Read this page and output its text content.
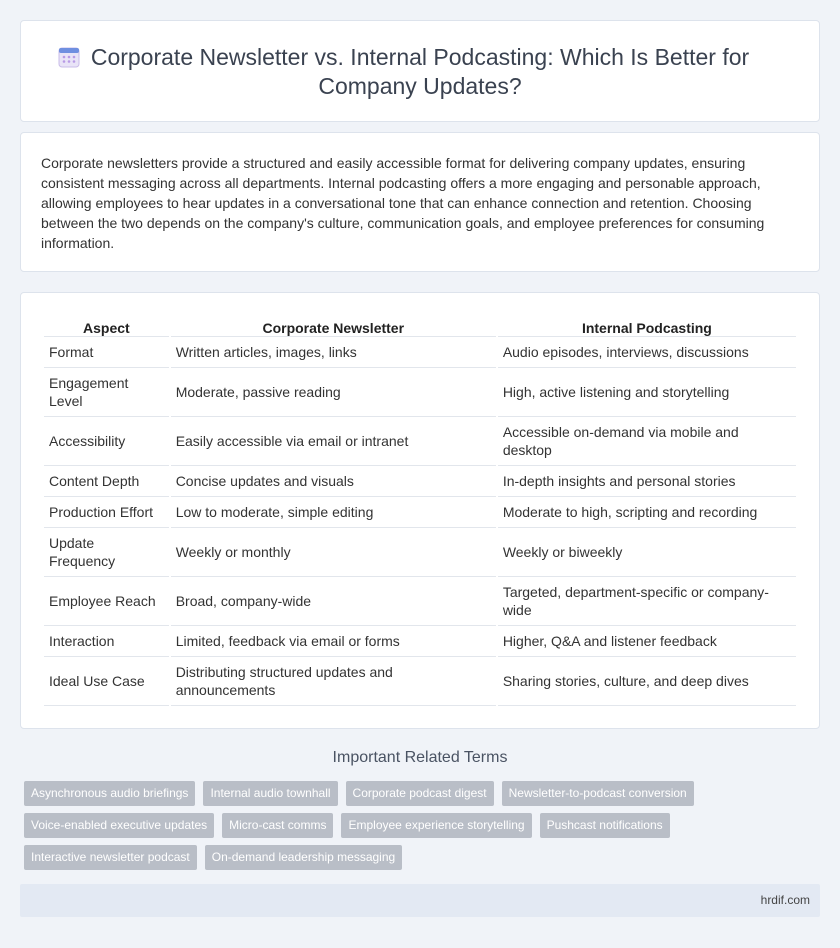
Corporate Newsletter vs. Internal Podcasting: Which Is Better for
Company Updates?

Corporate newsletters provide a structured and easily accessible format for delivering company updates, ensuring consistent messaging across all departments. Internal podcasting offers a more engaging and personable approach, allowing employees to hear updates in a conversational tone that can enhance connection and retention. Choosing between the two depends on the company's culture, communication goals, and employee preferences for consuming information.

Aspect	Corporate Newsletter	Internal Podcasting
Format	Written articles, images, links	Audio episodes, interviews, discussions
Engagement Level	Moderate, passive reading	High, active listening and storytelling
Accessibility	Easily accessible via email or intranet	Accessible on-demand via mobile and desktop
Content Depth	Concise updates and visuals	In-depth insights and personal stories
Production Effort	Low to moderate, simple editing	Moderate to high, scripting and recording
Update Frequency	Weekly or monthly	Weekly or biweekly
Employee Reach	Broad, company-wide	Targeted, department-specific or company-wide
Interaction	Limited, feedback via email or forms	Higher, Q&A and listener feedback
Ideal Use Case	Distributing structured updates and announcements	Sharing stories, culture, and deep dives
Important Related Terms
Asynchronous audio briefings	Internal audio townhall	Corporate podcast digest	Newsletter-to-podcast conversion
Voice-enabled executive updates	Micro-cast comms	Employee experience storytelling	Pushcast notifications
Interactive newsletter podcast	On-demand leadership messaging
hrdif.com
